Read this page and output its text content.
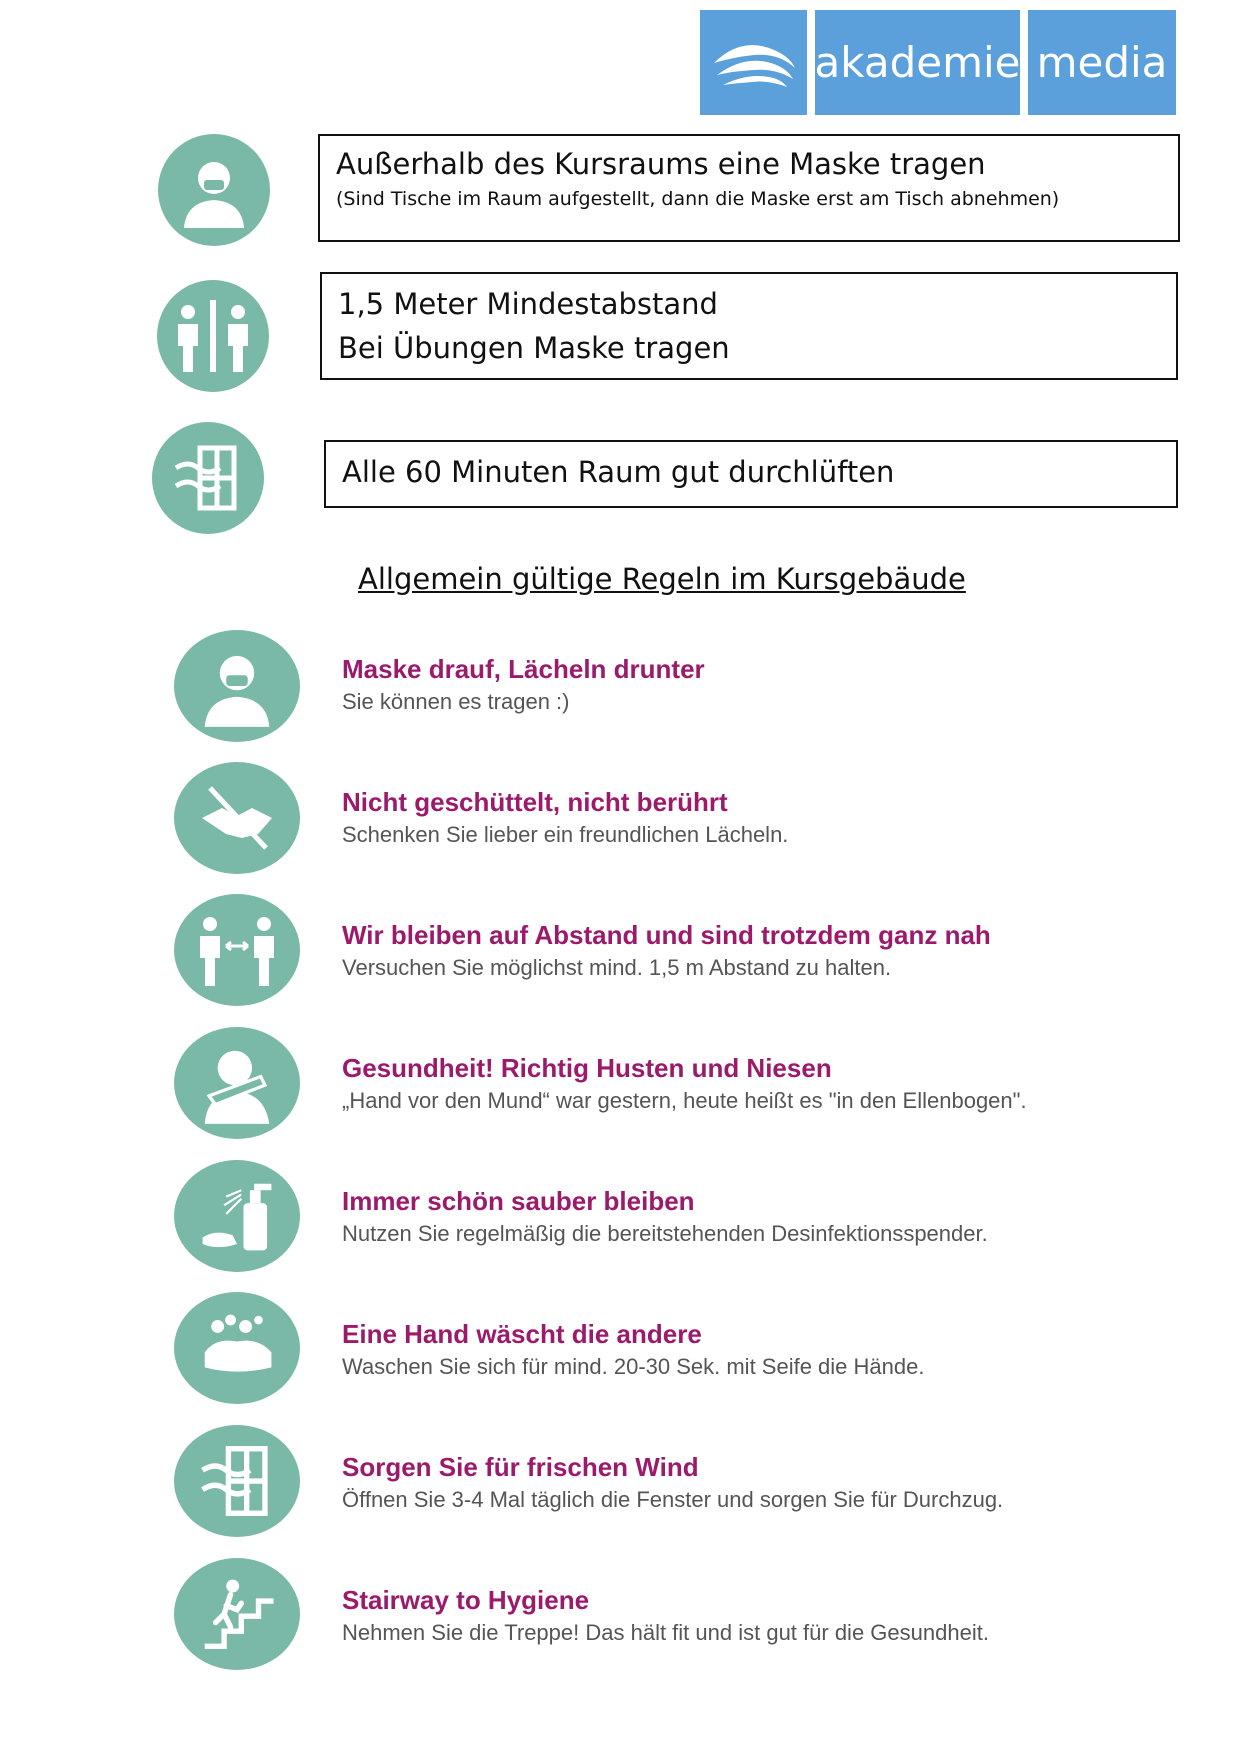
akademie media
Außerhalb des Kursraums eine Maske tragen
(Sind Tische im Raum aufgestellt, dann die Maske erst am Tisch abnehmen)
1,5 Meter Mindestabstand
Bei Übungen Maske tragen
Alle 60 Minuten Raum gut durchlüften
Allgemein gültige Regeln im Kursgebäude
Maske drauf, Lächeln drunter
Sie können es tragen :)
Nicht geschüttelt, nicht berührt
Schenken Sie lieber ein freundlichen Lächeln.
Wir bleiben auf Abstand und sind trotzdem ganz nah
Versuchen Sie möglichst mind. 1,5 m Abstand zu halten.
Gesundheit! Richtig Husten und Niesen
„Hand vor den Mund“ war gestern, heute heißt es "in den Ellenbogen".
Immer schön sauber bleiben
Nutzen Sie regelmäßig die bereitstehenden Desinfektionsspender.
Eine Hand wäscht die andere
Waschen Sie sich für mind. 20-30 Sek. mit Seife die Hände.
Sorgen Sie für frischen Wind
Öffnen Sie 3-4 Mal täglich die Fenster und sorgen Sie für Durchzug.
Stairway to Hygiene
Nehmen Sie die Treppe! Das hält fit und ist gut für die Gesundheit.
